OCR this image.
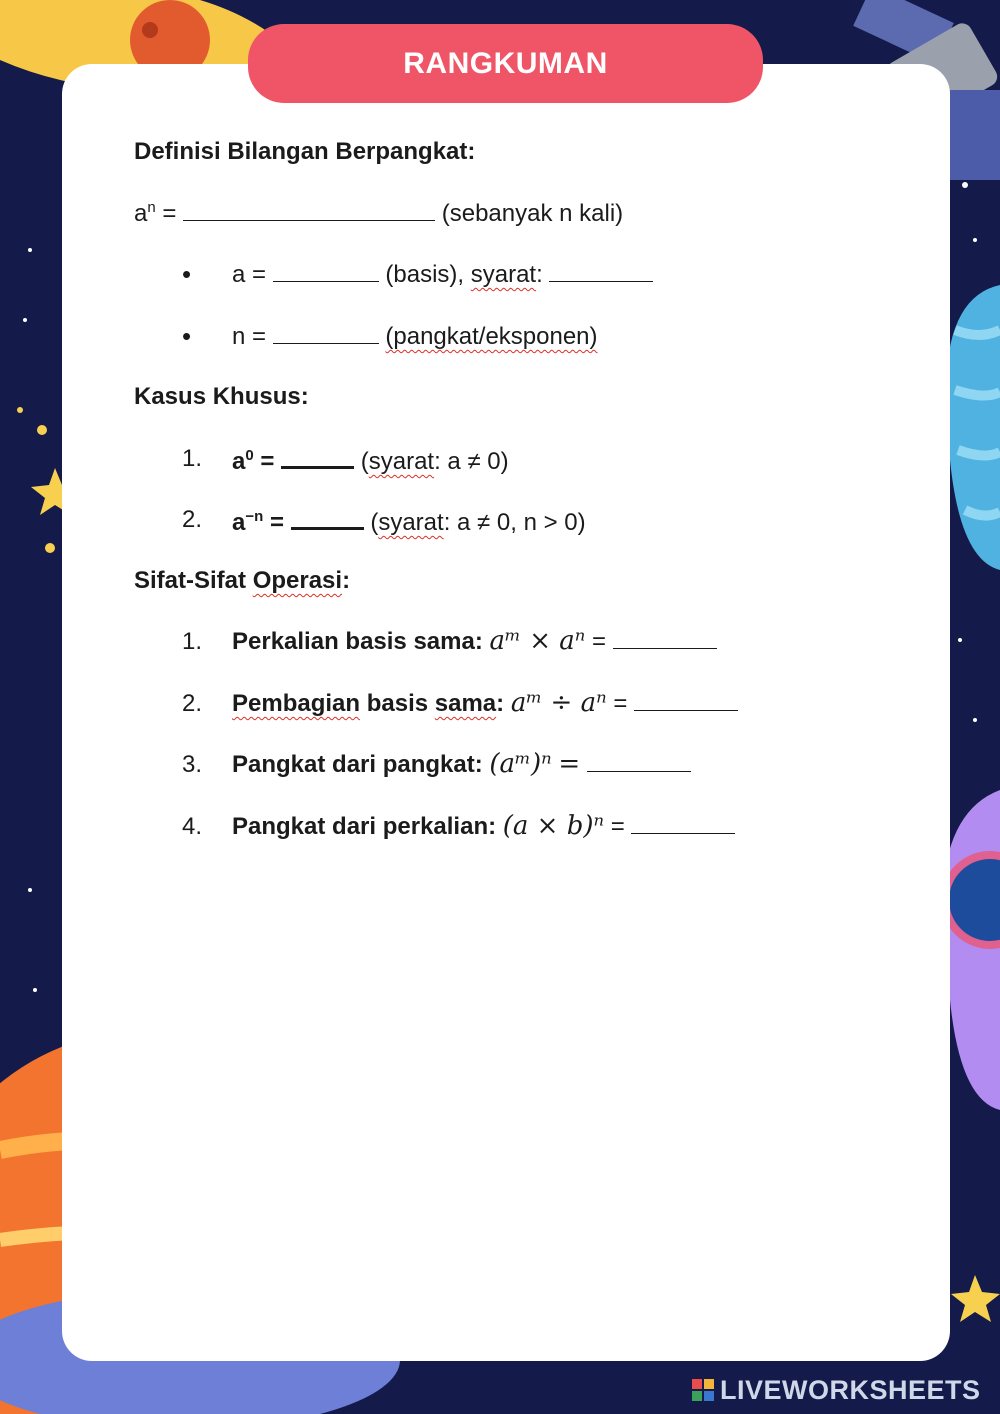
RANGKUMAN
Definisi Bilangan Berpangkat:
$a^n$ =	(sebanyak n kali)
• a =	(basis), syarat:
• n =	(pangkat/eksponen)
Kasus Khusus:
1. $a^0$ =	(syarat: a ≠ 0)
2. $a^{-n}$ =	(syarat: a ≠ 0, n > 0)
Sifat-Sifat Operasi:
1. Perkalian basis sama: aᵐ × aⁿ =
2. Pembagian basis sama: aᵐ ÷ aⁿ =
3. Pangkat dari pangkat: (aᵐ)ⁿ =
4. Pangkat dari perkalian: (a × b)ⁿ =
LIVEWORKSHEETS
